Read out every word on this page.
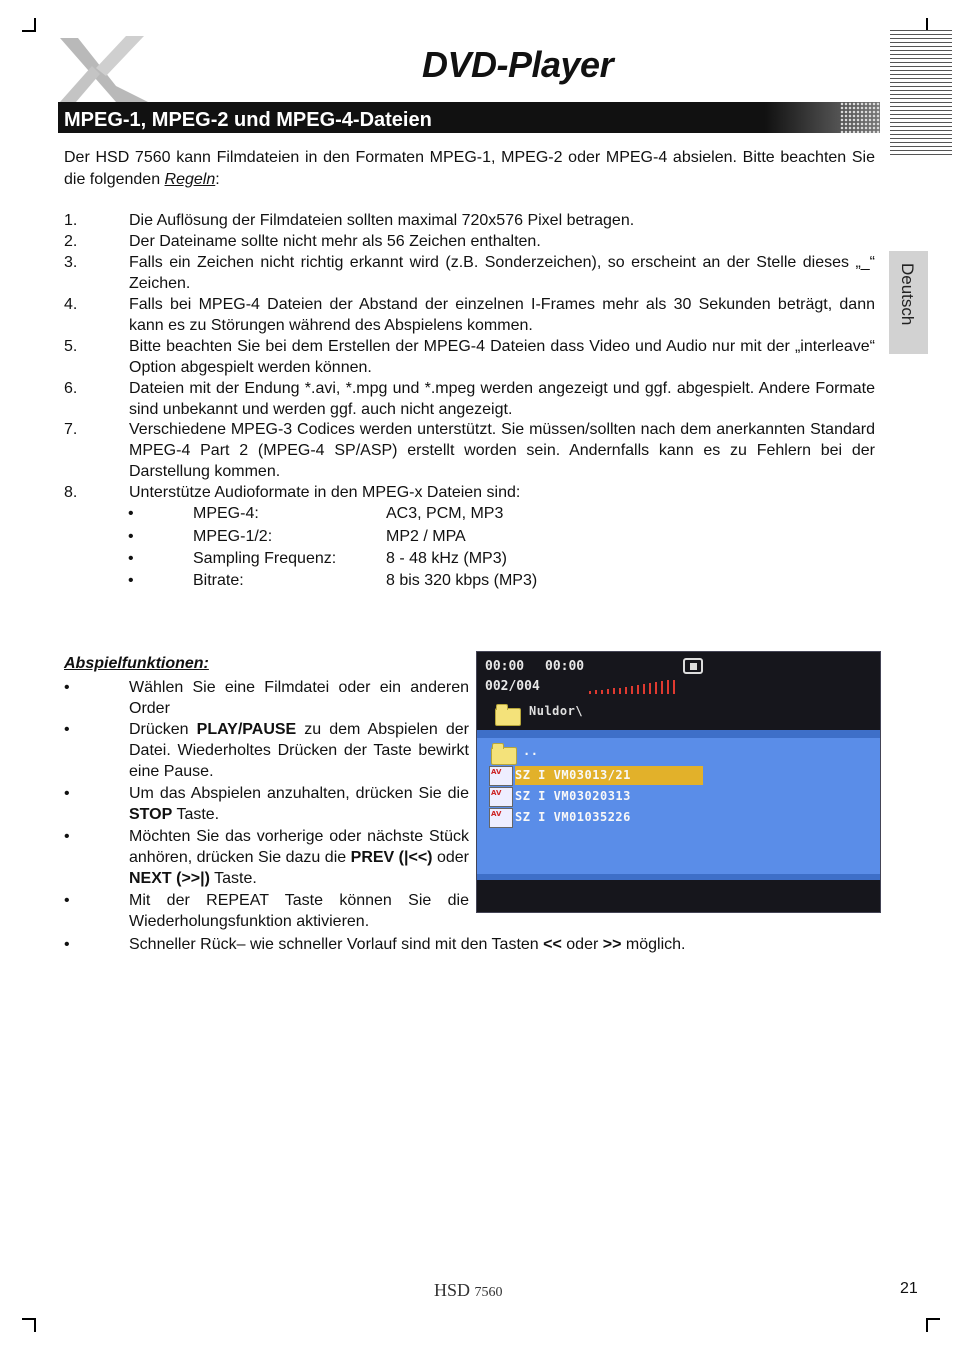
DVD-Player
MPEG-1, MPEG-2 und MPEG-4-Dateien
Deutsch
Der HSD 7560 kann Filmdateien in den Formaten MPEG-1, MPEG-2 oder MPEG-4 absielen. Bitte beachten Sie die folgenden Regeln:
1.	Die Auflösung der Filmdateien sollten maximal 720x576 Pixel betragen.
2.	Der Dateiname sollte nicht mehr als 56 Zeichen enthalten.
3.	Falls ein Zeichen nicht richtig erkannt wird (z.B. Sonderzeichen), so erscheint an der Stelle dieses „_“ Zeichen.
4.	Falls bei MPEG-4 Dateien der Abstand der einzelnen I-Frames mehr als 30 Sekunden beträgt, dann kann es zu Störungen während des Abspielens kommen.
5.	Bitte beachten Sie bei dem Erstellen der MPEG-4 Dateien dass Video und Audio nur mit der „interleave“ Option abgespielt werden können.
6.	Dateien mit der Endung *.avi, *.mpg und *.mpeg werden angezeigt und ggf. abgespielt. Andere Formate sind unbekannt und werden ggf. auch nicht angezeigt.
7.	Verschiedene MPEG-3 Codices werden unterstützt. Sie müssen/sollten nach dem anerkannten Standard MPEG-4 Part 2 (MPEG-4 SP/ASP) erstellt worden sein. Andernfalls kann es zu Fehlern bei der Darstellung kommen.
8.	Unterstütze Audioformate in den MPEG-x Dateien sind:
•	MPEG-4:	AC3, PCM, MP3
•	MPEG-1/2:	MP2 / MPA
•	Sampling Frequenz:	8 - 48 kHz (MP3)
•	Bitrate:	8 bis 320 kbps (MP3)
Abspielfunktionen:
•	Wählen Sie eine Filmdatei oder ein anderen Order
•	Drücken PLAY/PAUSE zu dem Abspielen der Datei. Wiederholtes Drücken der Taste bewirkt eine Pause.
•	Um das Abspielen anzuhalten, drücken Sie die STOP Taste.
•	Möchten Sie das vorherige oder nächste Stück anhören, drücken Sie dazu die PREV (|<<) oder NEXT (>>|) Taste.
•	Mit der REPEAT Taste können Sie die Wiederholungsfunktion aktivieren.
•	Schneller Rück– wie schneller Vorlauf sind mit den Tasten << oder >> möglich.
00:00 00:00
002/004
Nuldor\
..
AV SZ I VM03013/21
AV SZ I VM03020313
AV SZ I VM01035226
HSD 7560	21
